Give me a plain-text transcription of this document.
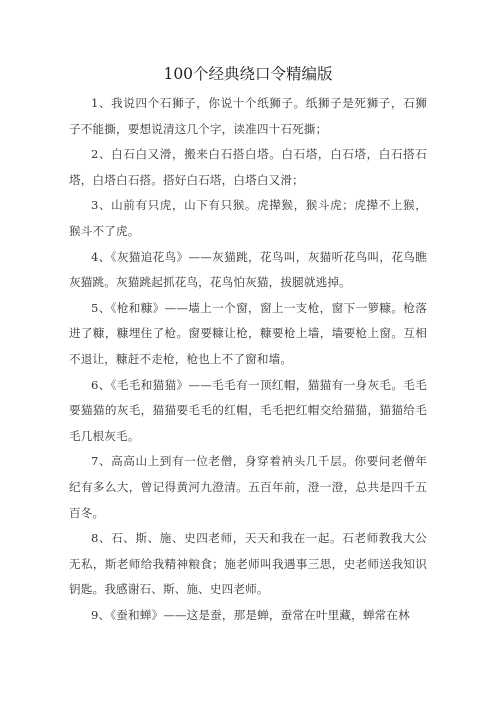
100个经典绕口令精编版

1、我说四个石狮子，你说十个纸狮子。纸狮子是死狮子，石狮子不能撕，要想说清这几个字，读准四十石死撕；

2、白石白又滑，搬来白石搭白塔。白石塔，白石塔，白石搭石塔，白塔白石搭。搭好白石塔，白塔白又滑；

3、山前有只虎，山下有只猴。虎撵猴，猴斗虎；虎撵不上猴，猴斗不了虎。

4、《灰猫追花鸟》——灰猫跳，花鸟叫，灰猫听花鸟叫，花鸟瞧灰猫跳。灰猫跳起抓花鸟，花鸟怕灰猫，拔腿就逃掉。

5、《枪和糠》——墙上一个窗，窗上一支枪，窗下一箩糠。枪落进了糠，糠埋住了枪。窗要糠让枪，糠要枪上墙，墙要枪上窗。互相不退让，糠赶不走枪，枪也上不了窗和墙。

6、《毛毛和猫猫》——毛毛有一顶红帽，猫猫有一身灰毛。毛毛要猫猫的灰毛，猫猫要毛毛的红帽，毛毛把红帽交给猫猫，猫猫给毛毛几根灰毛。

7、高高山上到有一位老僧，身穿着衲头几千层。你要问老僧年纪有多么大，曾记得黄河九澄清。五百年前，澄一澄，总共是四千五百冬。

8、石、斯、施、史四老师，天天和我在一起。石老师教我大公无私，斯老师给我精神粮食；施老师叫我遇事三思，史老师送我知识钥匙。我感谢石、斯、施、史四老师。

9、《蚕和蝉》——这是蚕，那是蝉，蚕常在叶里藏，蝉常在林
